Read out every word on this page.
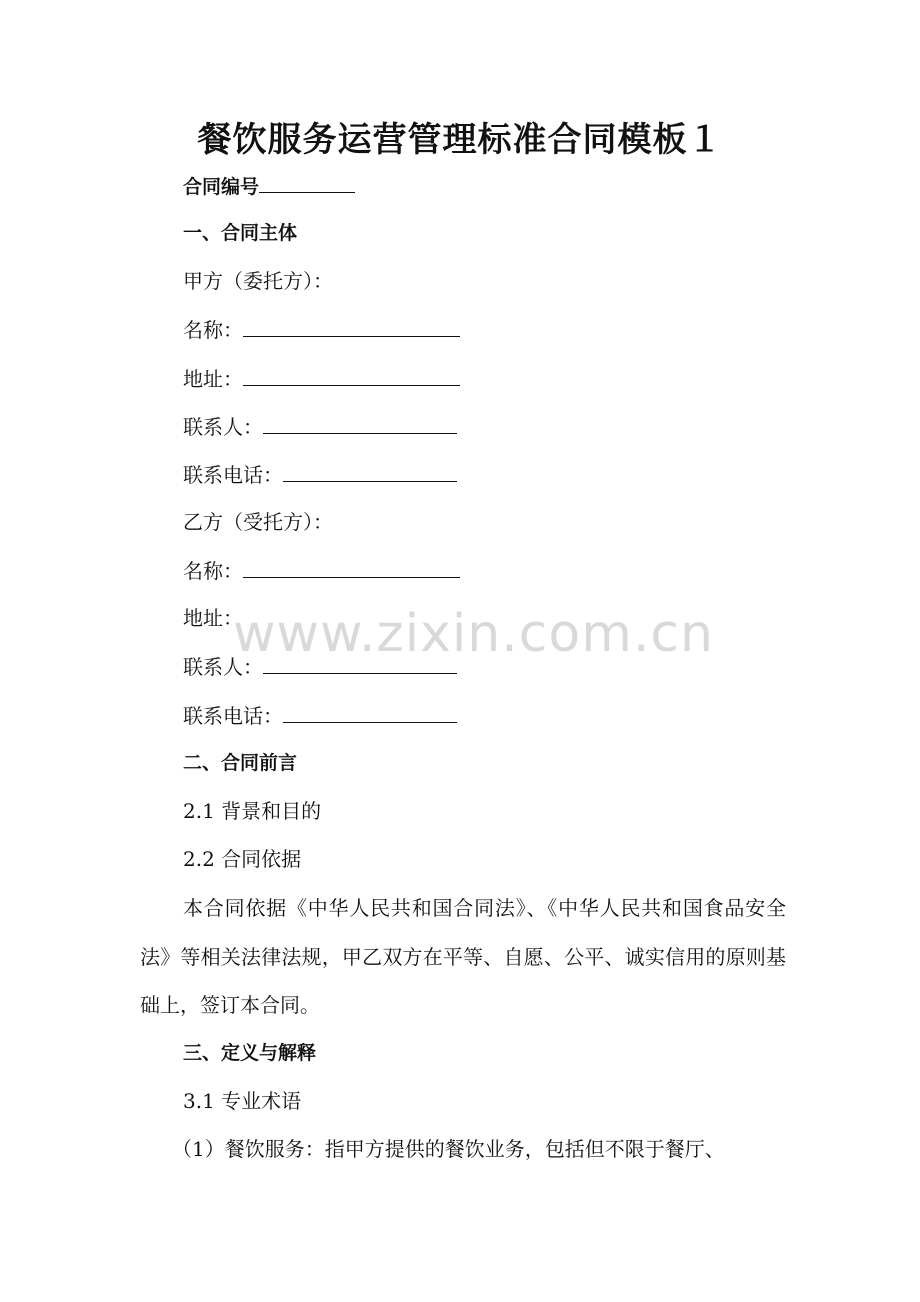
餐饮服务运营管理标准合同模板１
合同编号
一、合同主体
甲方（委托方）：
名称：
地址：
联系人：
联系电话：
乙方（受托方）：
名称：
地址：
联系人：
联系电话：
二、合同前言
2.1 背景和目的
2.2 合同依据
本合同依据《中华人民共和国合同法》、《中华人民共和国食品安全法》等相关法律法规，甲乙双方在平等、自愿、公平、诚实信用的原则基础上，签订本合同。
三、定义与解释
3.1 专业术语
（1）餐饮服务：指甲方提供的餐饮业务，包括但不限于餐厅、
www.zixin.com.cn
